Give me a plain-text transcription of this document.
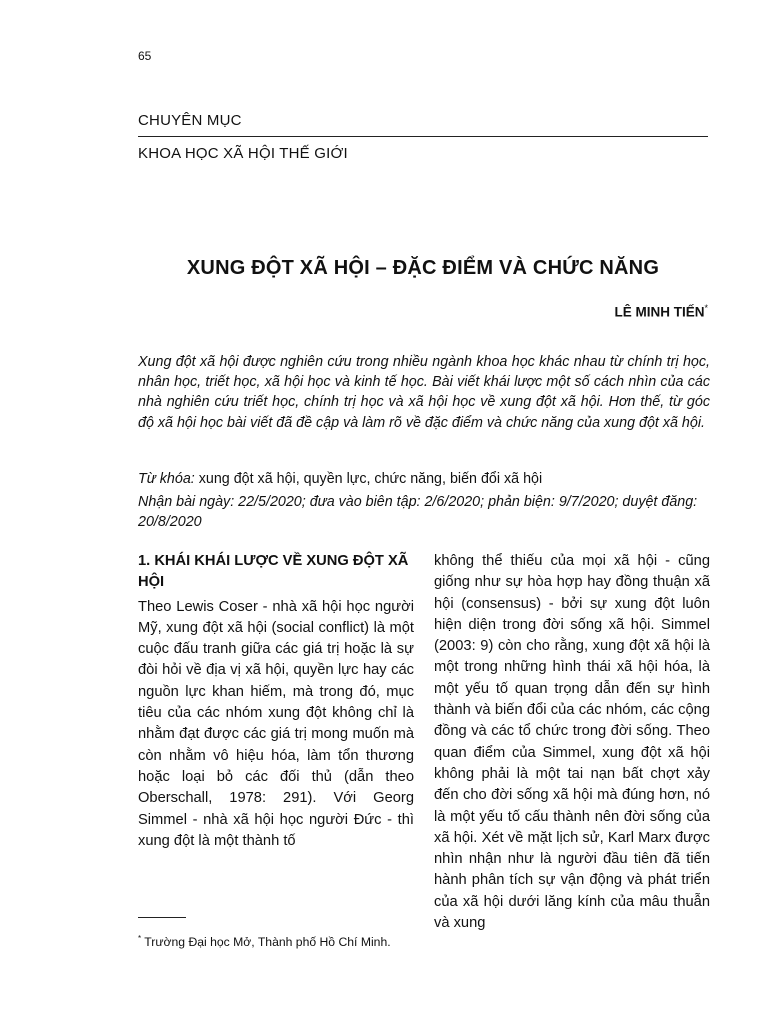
65
CHUYÊN MỤC
KHOA HỌC XÃ HỘI THẾ GIỚI
XUNG ĐỘT XÃ HỘI – ĐẶC ĐIỂM VÀ CHỨC NĂNG
LÊ MINH TIẾN*
Xung đột xã hội được nghiên cứu trong nhiều ngành khoa học khác nhau từ chính trị học, nhân học, triết học, xã hội học và kinh tế học. Bài viết khái lược một số cách nhìn của các nhà nghiên cứu triết học, chính trị học và xã hội học về xung đột xã hội. Hơn thế, từ góc độ xã hội học bài viết đã đề cập và làm rõ về đặc điểm và chức năng của xung đột xã hội.
Từ khóa: xung đột xã hội, quyền lực, chức năng, biến đổi xã hội
Nhận bài ngày: 22/5/2020; đưa vào biên tập: 2/6/2020; phản biện: 9/7/2020; duyệt đăng: 20/8/2020
1. KHÁI KHÁI LƯỢC VỀ XUNG ĐỘT XÃ HỘI
Theo Lewis Coser - nhà xã hội học người Mỹ, xung đột xã hội (social conflict) là một cuộc đấu tranh giữa các giá trị hoặc là sự đòi hỏi về địa vị xã hội, quyền lực hay các nguồn lực khan hiếm, mà trong đó, mục tiêu của các nhóm xung đột không chỉ là nhằm đạt được các giá trị mong muốn mà còn nhằm vô hiệu hóa, làm tổn thương hoặc loại bỏ các đối thủ (dẫn theo Oberschall, 1978: 291). Với Georg Simmel - nhà xã hội học người Đức - thì xung đột là một thành tố
không thể thiếu của mọi xã hội - cũng giống như sự hòa hợp hay đồng thuận xã hội (consensus) - bởi sự xung đột luôn hiện diện trong đời sống xã hội. Simmel (2003: 9) còn cho rằng, xung đột xã hội là một trong những hình thái xã hội hóa, là một yếu tố quan trọng dẫn đến sự hình thành và biến đổi của các nhóm, các cộng đồng và các tổ chức trong đời sống. Theo quan điểm của Simmel, xung đột xã hội không phải là một tai nạn bất chợt xảy đến cho đời sống xã hội mà đúng hơn, nó là một yếu tố cấu thành nên đời sống của xã hội. Xét về mặt lịch sử, Karl Marx được nhìn nhận như là người đầu tiên đã tiến hành phân tích sự vận động và phát triển của xã hội dưới lăng kính của mâu thuẫn và xung
* Trường Đại học Mở, Thành phố Hồ Chí Minh.
